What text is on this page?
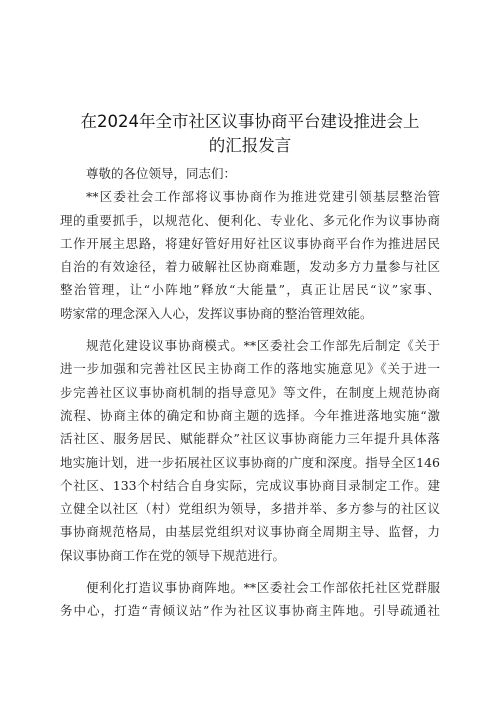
在2024年全市社区议事协商平台建设推进会上
的汇报发言
尊敬的各位领导，同志们：
**区委社会工作部将议事协商作为推进党建引领基层整治管
理的重要抓手，以规范化、便利化、专业化、多元化作为议事协商
工作开展主思路，将建好管好用好社区议事协商平台作为推进居民
自治的有效途径，着力破解社区协商难题，发动多方力量参与社区
整治管理，让“小阵地”释放“大能量”，真正让居民“议”家事、
唠家常的理念深入人心，发挥议事协商的整治管理效能。
规范化建设议事协商模式。**区委社会工作部先后制定《关于
进一步加强和完善社区民主协商工作的落地实施意见》《关于进一
步完善社区议事协商机制的指导意见》等文件，在制度上规范协商
流程、协商主体的确定和协商主题的选择。今年推进落地实施“激
活社区、服务居民、赋能群众”社区议事协商能力三年提升具体落
地实施计划，进一步拓展社区议事协商的广度和深度。指导全区146
个社区、133个村结合自身实际，完成议事协商目录制定工作。建
立健全以社区（村）党组织为领导，多措并举、多方参与的社区议
事协商规范格局，由基层党组织对议事协商全周期主导、监督，力
保议事协商工作在党的领导下规范进行。
便利化打造议事协商阵地。**区委社会工作部依托社区党群服
务中心，打造“青倾议站”作为社区议事协商主阵地。引导疏通社
